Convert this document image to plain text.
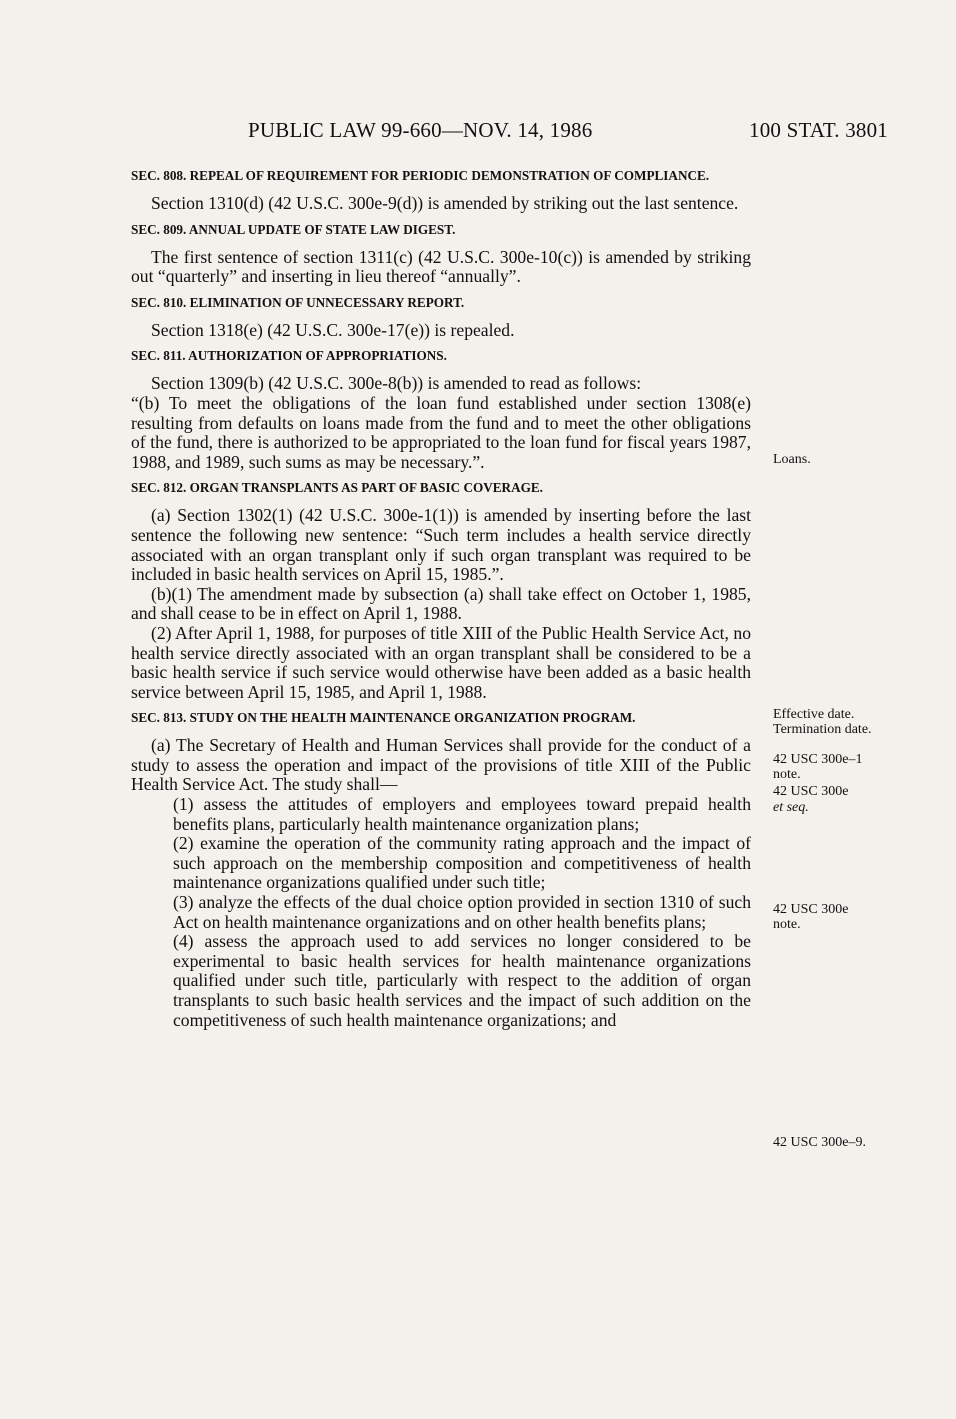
PUBLIC LAW 99-660—NOV. 14, 1986	100 STAT. 3801
SEC. 808. REPEAL OF REQUIREMENT FOR PERIODIC DEMONSTRATION OF COMPLIANCE.

Section 1310(d) (42 U.S.C. 300e-9(d)) is amended by striking out the last sentence.

SEC. 809. ANNUAL UPDATE OF STATE LAW DIGEST.

The first sentence of section 1311(c) (42 U.S.C. 300e-10(c)) is amended by striking out “quarterly” and inserting in lieu thereof “annually”.

SEC. 810. ELIMINATION OF UNNECESSARY REPORT.

Section 1318(e) (42 U.S.C. 300e-17(e)) is repealed.

SEC. 811. AUTHORIZATION OF APPROPRIATIONS.

Section 1309(b) (42 U.S.C. 300e-8(b)) is amended to read as follows:

“(b) To meet the obligations of the loan fund established under section 1308(e) resulting from defaults on loans made from the fund and to meet the other obligations of the fund, there is authorized to be appropriated to the loan fund for fiscal years 1987, 1988, and 1989, such sums as may be necessary.”.

SEC. 812. ORGAN TRANSPLANTS AS PART OF BASIC COVERAGE.

(a) Section 1302(1) (42 U.S.C. 300e-1(1)) is amended by inserting before the last sentence the following new sentence: “Such term includes a health service directly associated with an organ transplant only if such organ transplant was required to be included in basic health services on April 15, 1985.”.

(b)(1) The amendment made by subsection (a) shall take effect on October 1, 1985, and shall cease to be in effect on April 1, 1988.

(2) After April 1, 1988, for purposes of title XIII of the Public Health Service Act, no health service directly associated with an organ transplant shall be considered to be a basic health service if such service would otherwise have been added as a basic health service between April 15, 1985, and April 1, 1988.

SEC. 813. STUDY ON THE HEALTH MAINTENANCE ORGANIZATION PROGRAM.

(a) The Secretary of Health and Human Services shall provide for the conduct of a study to assess the operation and impact of the provisions of title XIII of the Public Health Service Act. The study shall—

(1) assess the attitudes of employers and employees toward prepaid health benefits plans, particularly health maintenance organization plans;

(2) examine the operation of the community rating approach and the impact of such approach on the membership composition and competitiveness of health maintenance organizations qualified under such title;

(3) analyze the effects of the dual choice option provided in section 1310 of such Act on health maintenance organizations and on other health benefits plans;

(4) assess the approach used to add services no longer considered to be experimental to basic health services for health maintenance organizations qualified under such title, particularly with respect to the addition of organ transplants to such basic health services and the impact of such addition on the competitiveness of such health maintenance organizations; and

Loans.
Effective date.
Termination date.
42 USC 300e–1 note.
42 USC 300e
et seq.
42 USC 300e note.
42 USC 300e–9.
